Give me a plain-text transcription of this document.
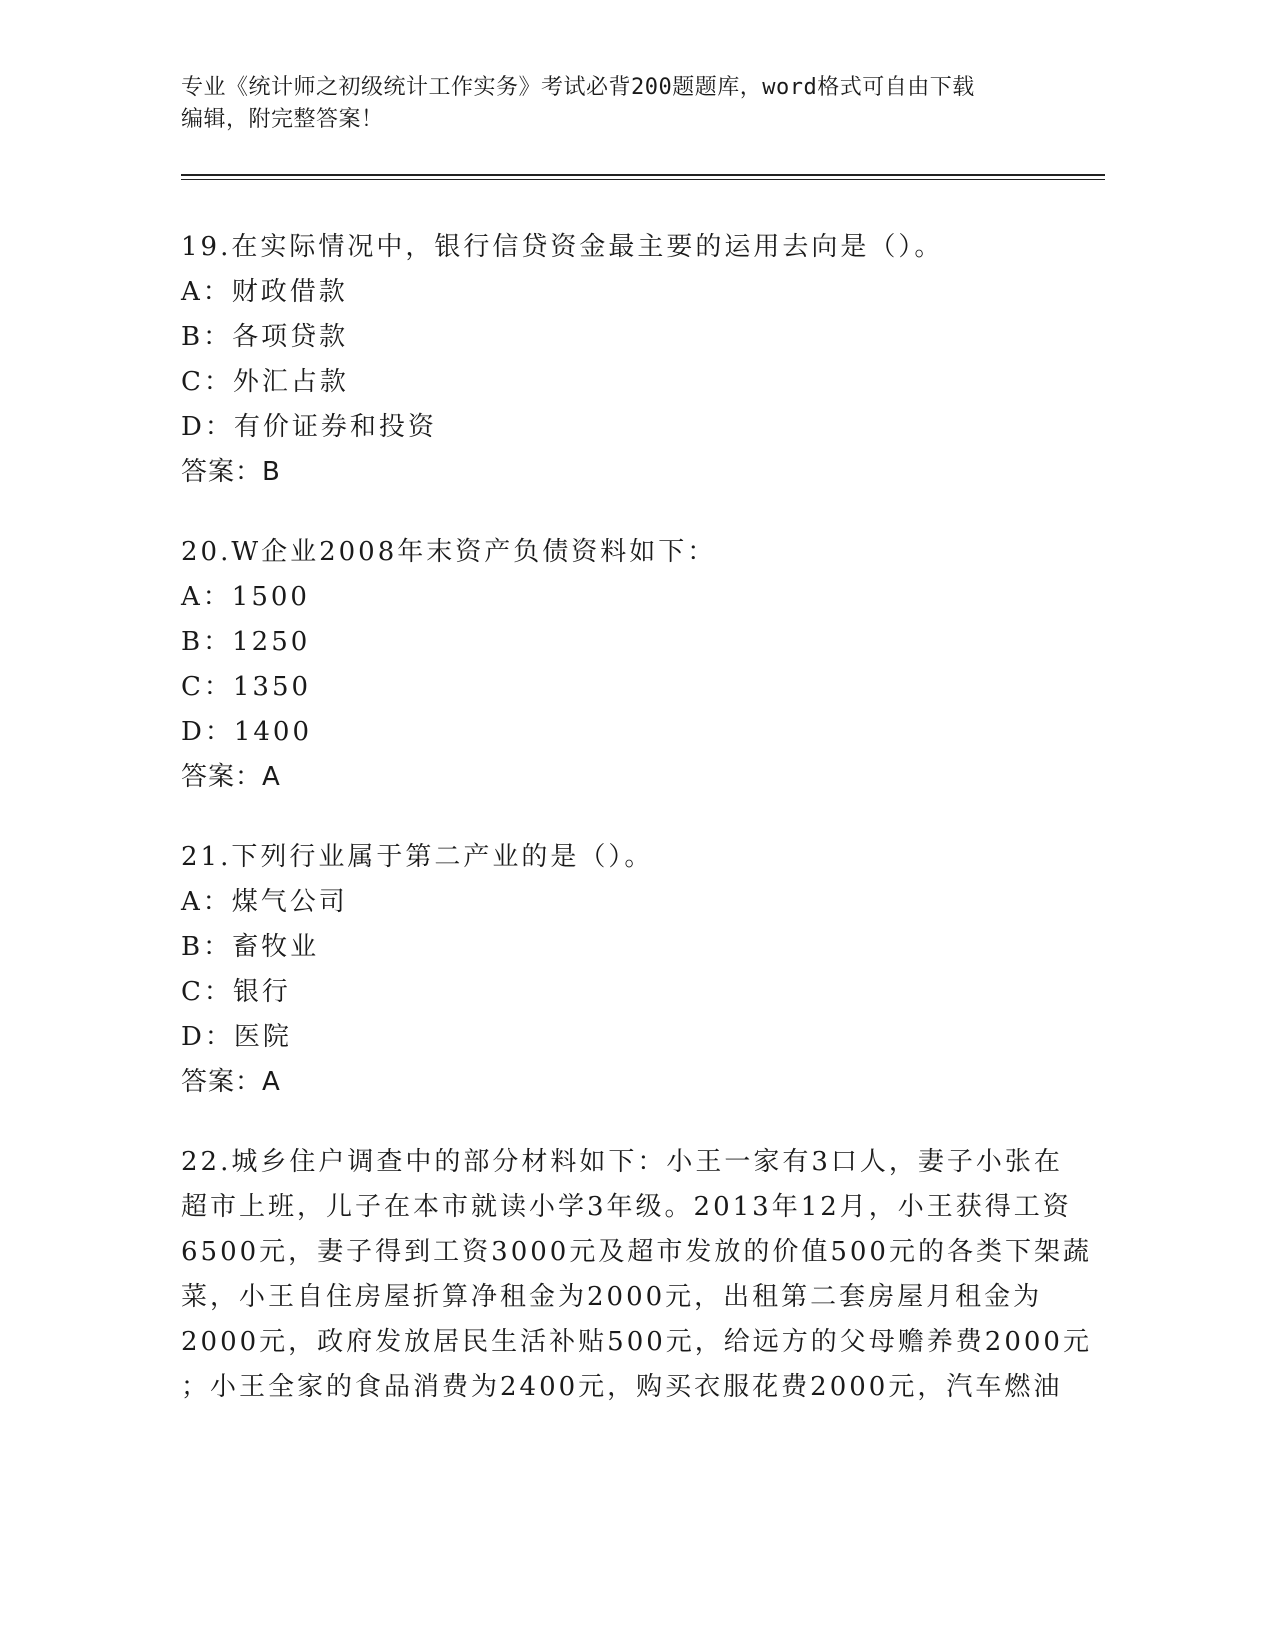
专业《统计师之初级统计工作实务》考试必背200题题库，word格式可自由下载
编辑，附完整答案！
19.在实际情况中，银行信贷资金最主要的运用去向是（）。
A：财政借款
B：各项贷款
C：外汇占款
D：有价证券和投资
答案：B
20.W企业2008年末资产负债资料如下：
A：1500
B：1250
C：1350
D：1400
答案：A
21.下列行业属于第二产业的是（）。
A：煤气公司
B：畜牧业
C：银行
D：医院
答案：A
22.城乡住户调查中的部分材料如下：小王一家有3口人，妻子小张在
超市上班，儿子在本市就读小学3年级。2013年12月，小王获得工资
6500元，妻子得到工资3000元及超市发放的价值500元的各类下架蔬
菜，小王自住房屋折算净租金为2000元，出租第二套房屋月租金为
2000元，政府发放居民生活补贴500元，给远方的父母赡养费2000元
；小王全家的食品消费为2400元，购买衣服花费2000元，汽车燃油
